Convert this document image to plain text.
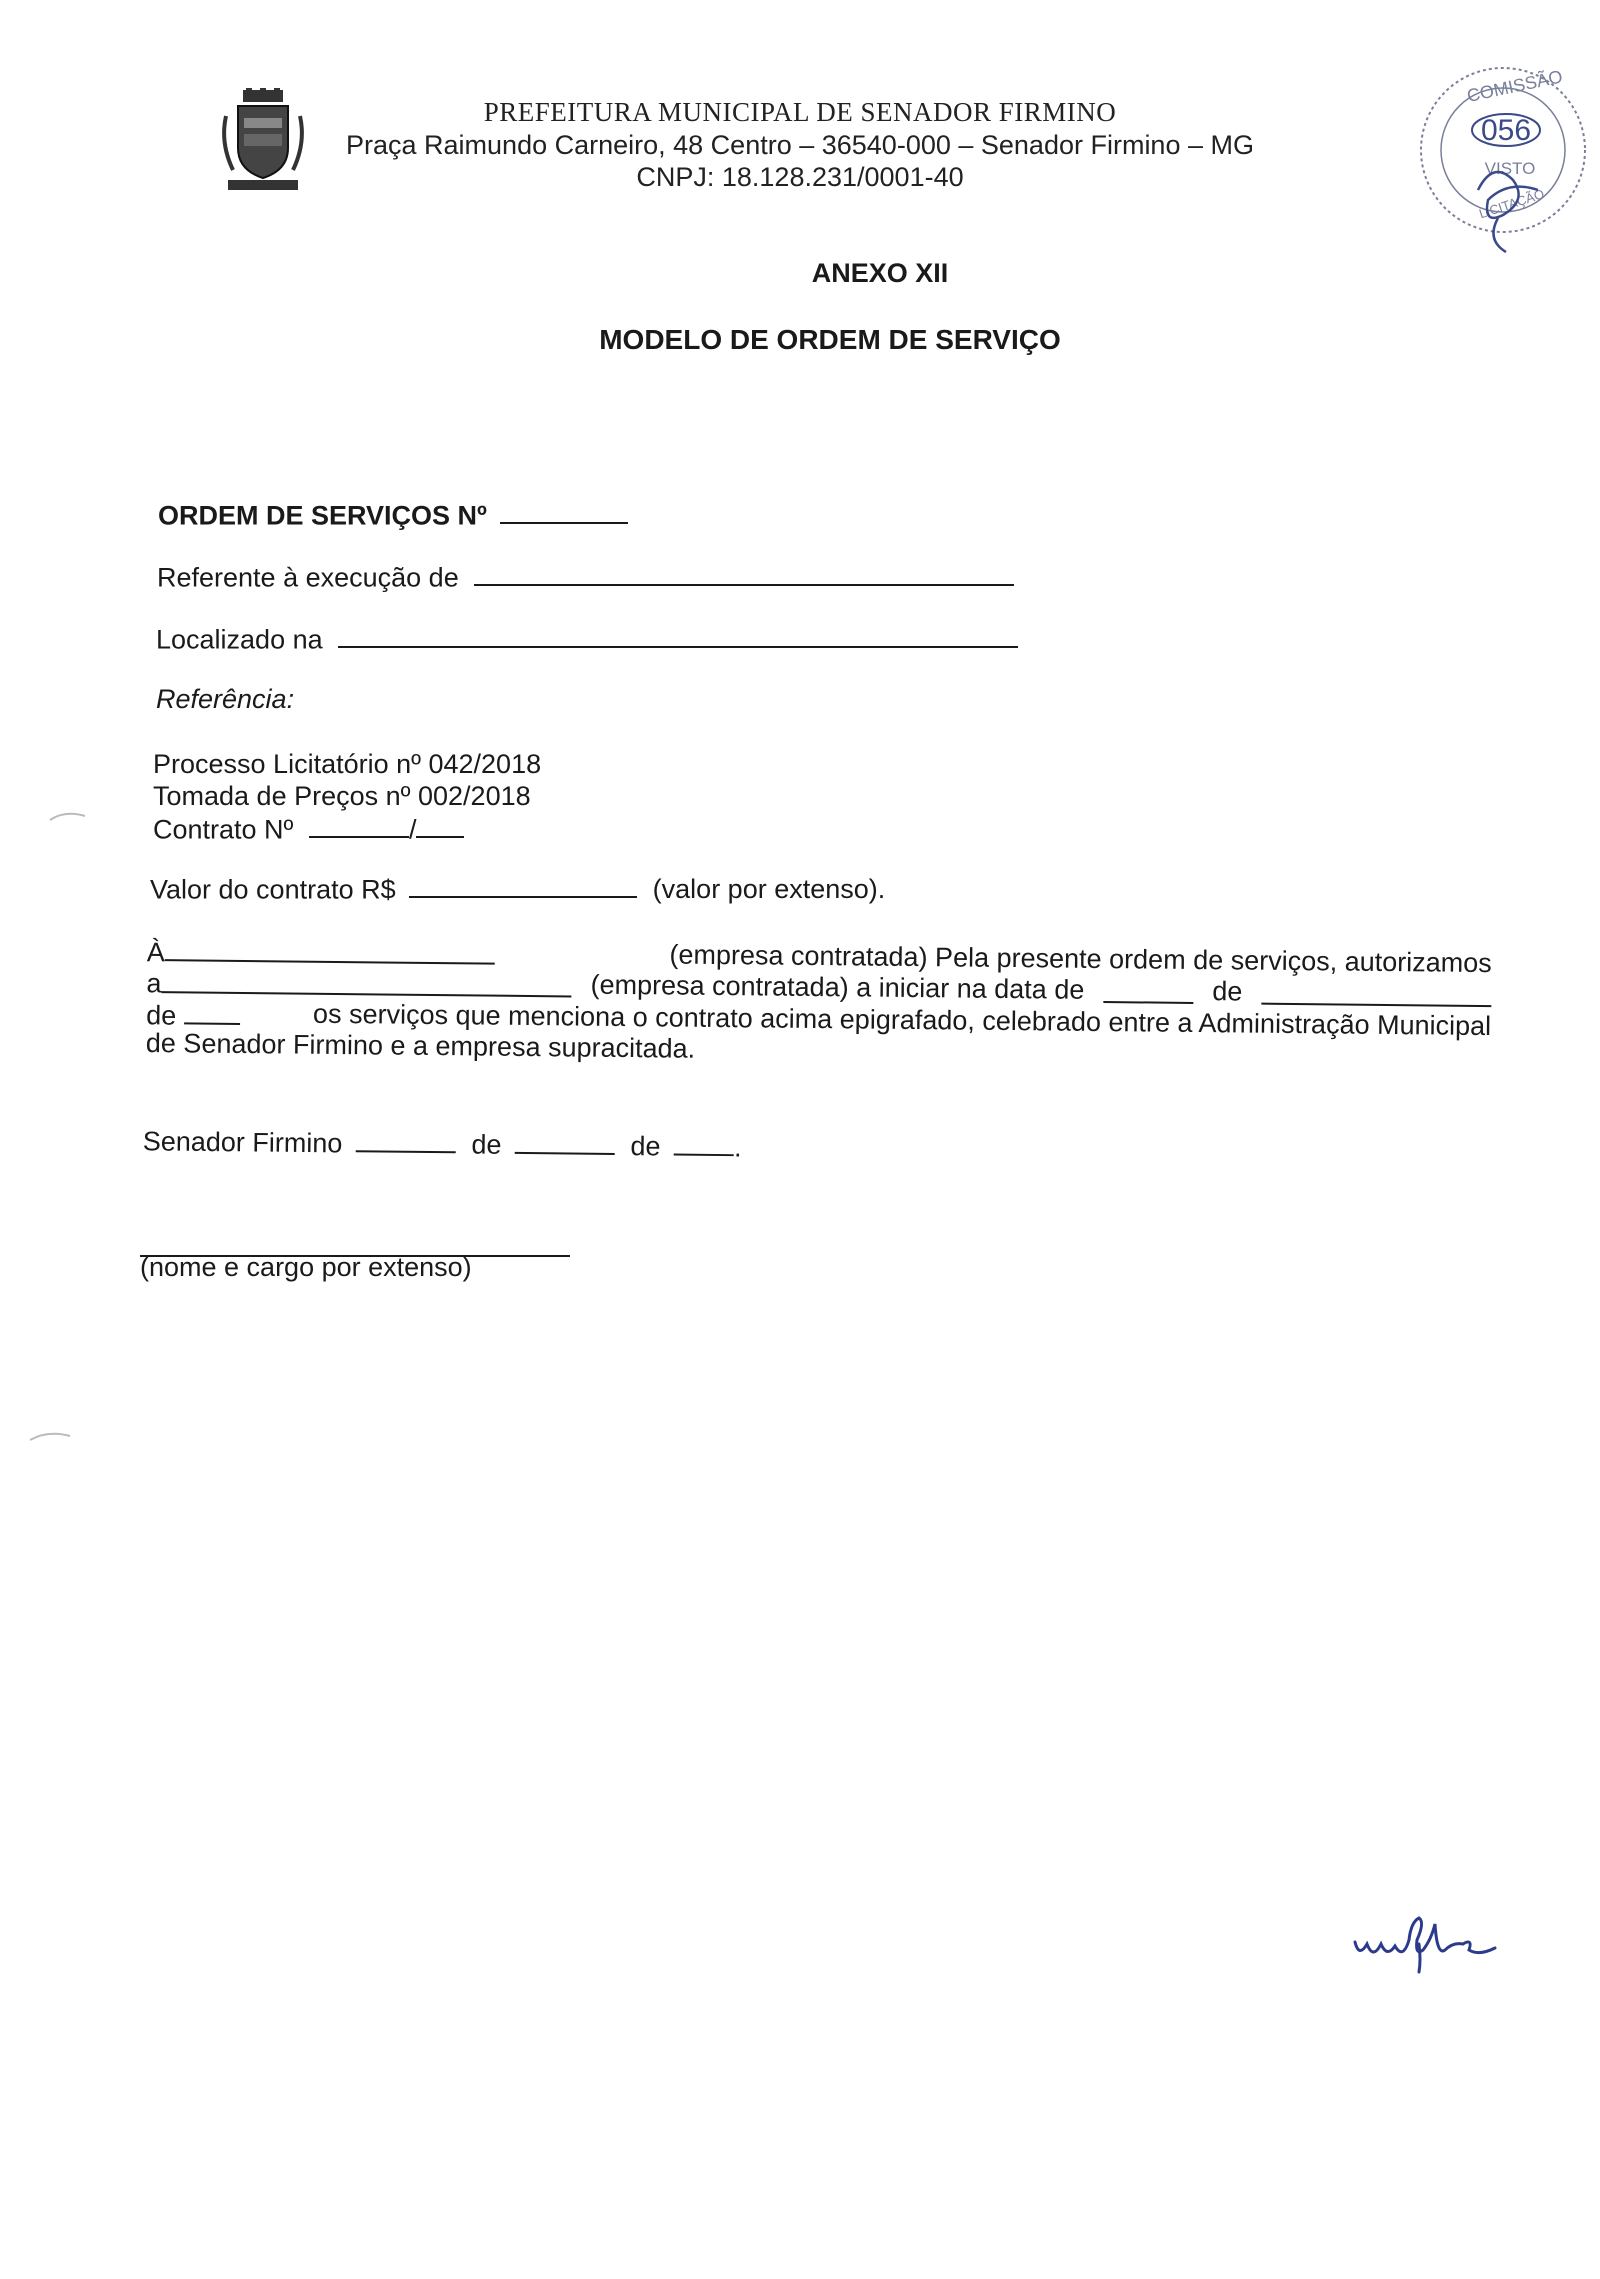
PREFEITURA MUNICIPAL DE SENADOR FIRMINO
Praça Raimundo Carneiro, 48 Centro – 36540-000 – Senador Firmino – MG
CNPJ: 18.128.231/0001-40
COMISSÃO
056
VISTO
LICITAÇÃO
ANEXO XII
MODELO DE ORDEM DE SERVIÇO
ORDEM DE SERVIÇOS Nº
Referente à execução de
Localizado na
Referência:
Processo Licitatório nº 042/2018
Tomada de Preços nº 002/2018
Contrato Nº	/
Valor do contrato R$	(valor por extenso).
À	(empresa contratada) Pela presente ordem de serviços, autorizamos
a	(empresa contratada) a iniciar na data de	de
de	os serviços que menciona o contrato acima epigrafado, celebrado entre a Administração Municipal
de Senador Firmino e a empresa supracitada.
Senador Firmino	de	de	.
(nome e cargo por extenso)
